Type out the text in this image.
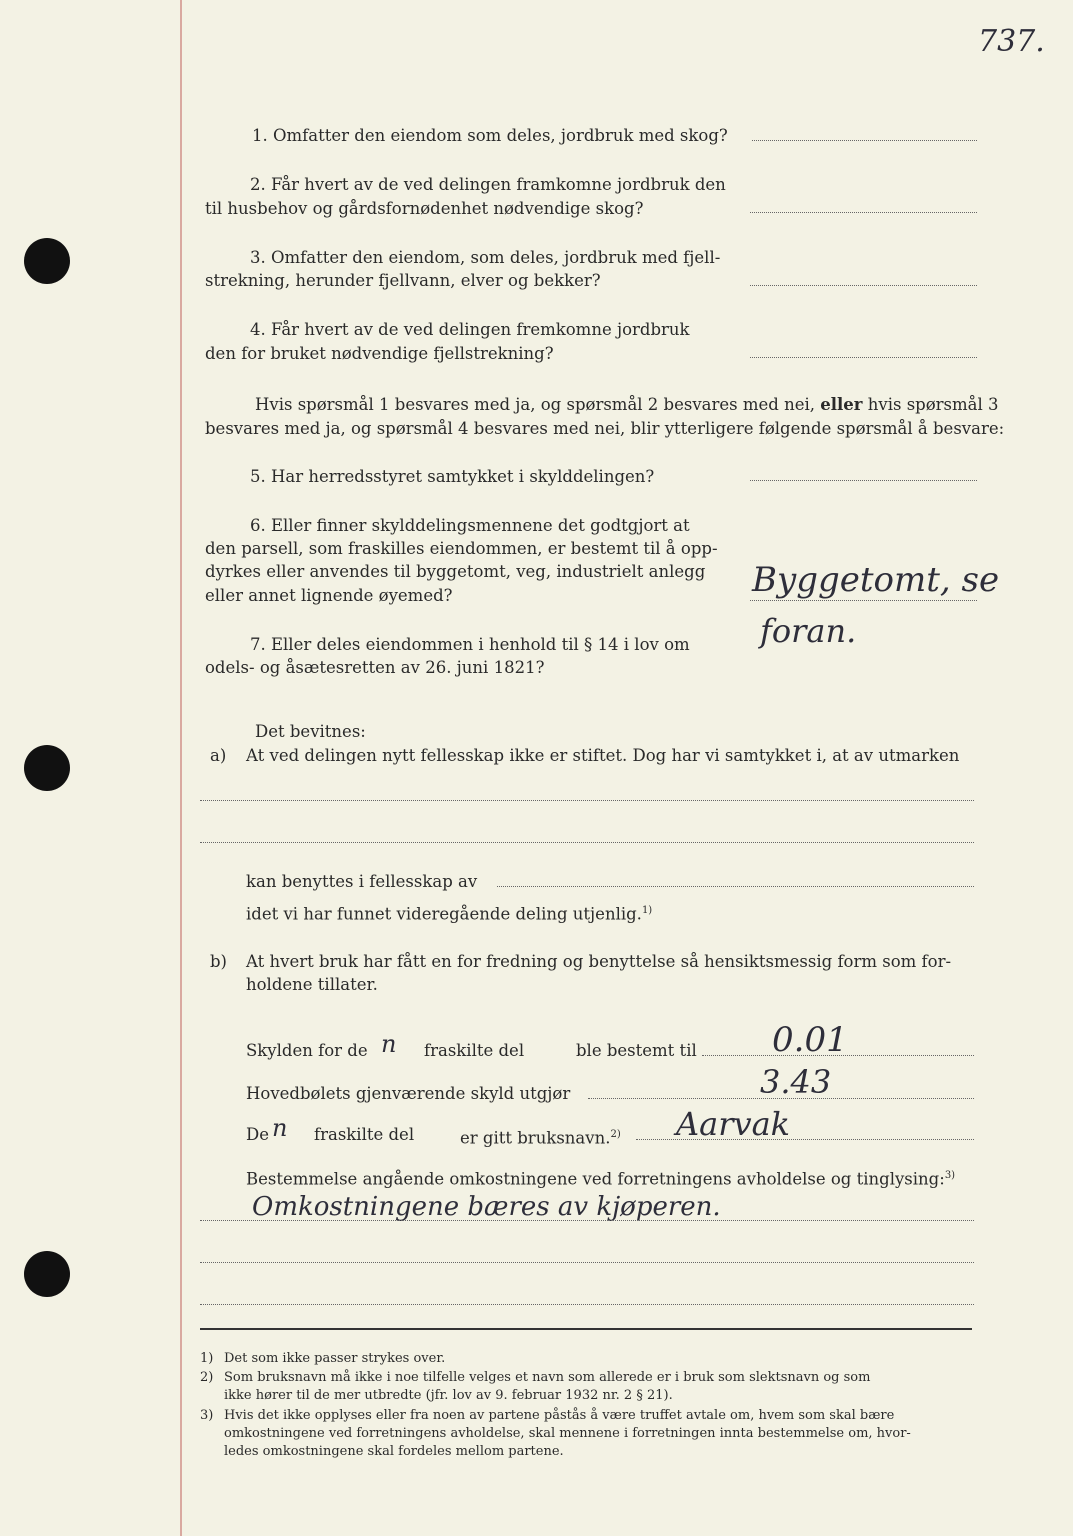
737.
1. Omfatter den eiendom som deles, jordbruk med skog?
2. Får hvert av de ved delingen framkomne jordbruk den
til husbehov og gårdsfornødenhet nødvendige skog?
3. Omfatter den eiendom, som deles, jordbruk med fjell-
strekning, herunder fjellvann, elver og bekker?
4. Får hvert av de ved delingen fremkomne jordbruk
den for bruket nødvendige fjellstrekning?
Hvis spørsmål 1 besvares med ja, og spørsmål 2 besvares med nei, eller hvis spørsmål 3
besvares med ja, og spørsmål 4 besvares med nei, blir ytterligere følgende spørsmål å besvare:
5. Har herredsstyret samtykket i skylddelingen?
6. Eller finner skylddelingsmennene det godtgjort at
den parsell, som fraskilles eiendommen, er bestemt til å opp-
dyrkes eller anvendes til byggetomt, veg, industrielt anlegg
eller annet lignende øyemed?	Byggetomt, se
foran.
7. Eller deles eiendommen i henhold til § 14 i lov om
odels- og åsætesretten av 26. juni 1821?
Det bevitnes:
a) At ved delingen nytt fellesskap ikke er stiftet. Dog har vi samtykket i, at av utmarken
kan benyttes i fellesskap av
idet vi har funnet videregående deling utjenlig.$^{1)}$
b) At hvert bruk har fått en for fredning og benyttelse så hensiktsmessig form som for-
holdene tillater.
Skylden for de n fraskilte del	ble bestemt til 0.01
Hovedbølets gjenværende skyld utgjør	3.43
De n fraskilte del	er gitt bruksnavn.$^{2)}$ Aarvak
Bestemmelse angående omkostningene ved forretningens avholdelse og tinglysing:$^{3)}$
Omkostningene bæres av kjøperen.
1) Det som ikke passer strykes over.
2) Som bruksnavn må ikke i noe tilfelle velges et navn som allerede er i bruk som slektsnavn og som
ikke hører til de mer utbredte (jfr. lov av 9. februar 1932 nr. 2 § 21).
3) Hvis det ikke opplyses eller fra noen av partene påstås å være truffet avtale om, hvem som skal bære
omkostningene ved forretningens avholdelse, skal mennene i forretningen innta bestemmelse om, hvor-
ledes omkostningene skal fordeles mellom partene.
